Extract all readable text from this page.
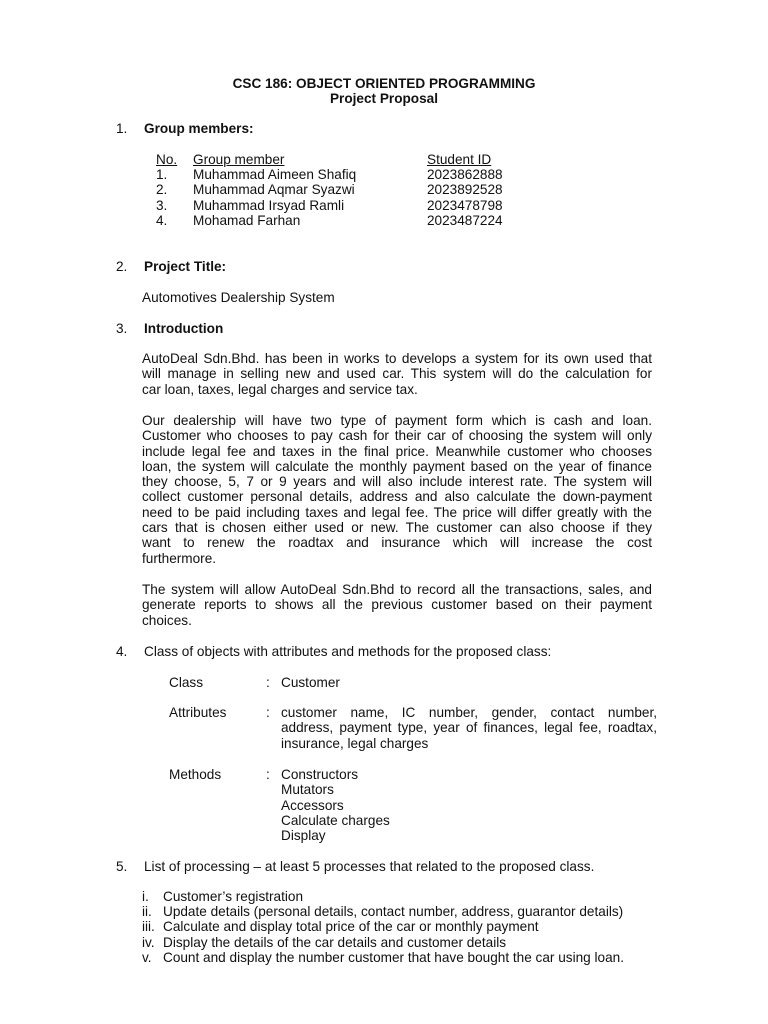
CSC 186: OBJECT ORIENTED PROGRAMMING
Project Proposal
1. Group members:
No. Group member	Student ID
1. Muhammad Aimeen Shafiq	2023862888
2. Muhammad Aqmar Syazwi	2023892528
3. Muhammad Irsyad Ramli	2023478798
4. Mohamad Farhan	2023487224
2. Project Title:
Automotives Dealership System
3. Introduction
AutoDeal Sdn.Bhd. has been in works to develops a system for its own used that
will manage in selling new and used car. This system will do the calculation for
car loan, taxes, legal charges and service tax.
Our dealership will have two type of payment form which is cash and loan.
Customer who chooses to pay cash for their car of choosing the system will only
include legal fee and taxes in the final price. Meanwhile customer who chooses
loan, the system will calculate the monthly payment based on the year of finance
they choose, 5, 7 or 9 years and will also include interest rate. The system will
collect customer personal details, address and also calculate the down-payment
need to be paid including taxes and legal fee. The price will differ greatly with the
cars that is chosen either used or new. The customer can also choose if they
want to renew the roadtax and insurance which will increase the cost
furthermore.
The system will allow AutoDeal Sdn.Bhd to record all the transactions, sales, and
generate reports to shows all the previous customer based on their payment
choices.
4. Class of objects with attributes and methods for the proposed class:
Class	: Customer
Attributes	: customer name, IC number, gender, contact number,
address, payment type, year of finances, legal fee, roadtax,
insurance, legal charges
Methods	: Constructors
Mutators
Accessors
Calculate charges
Display
5. List of processing – at least 5 processes that related to the proposed class.
i. Customer’s registration
ii. Update details (personal details, contact number, address, guarantor details)
iii. Calculate and display total price of the car or monthly payment
iv. Display the details of the car details and customer details
v. Count and display the number customer that have bought the car using loan.
